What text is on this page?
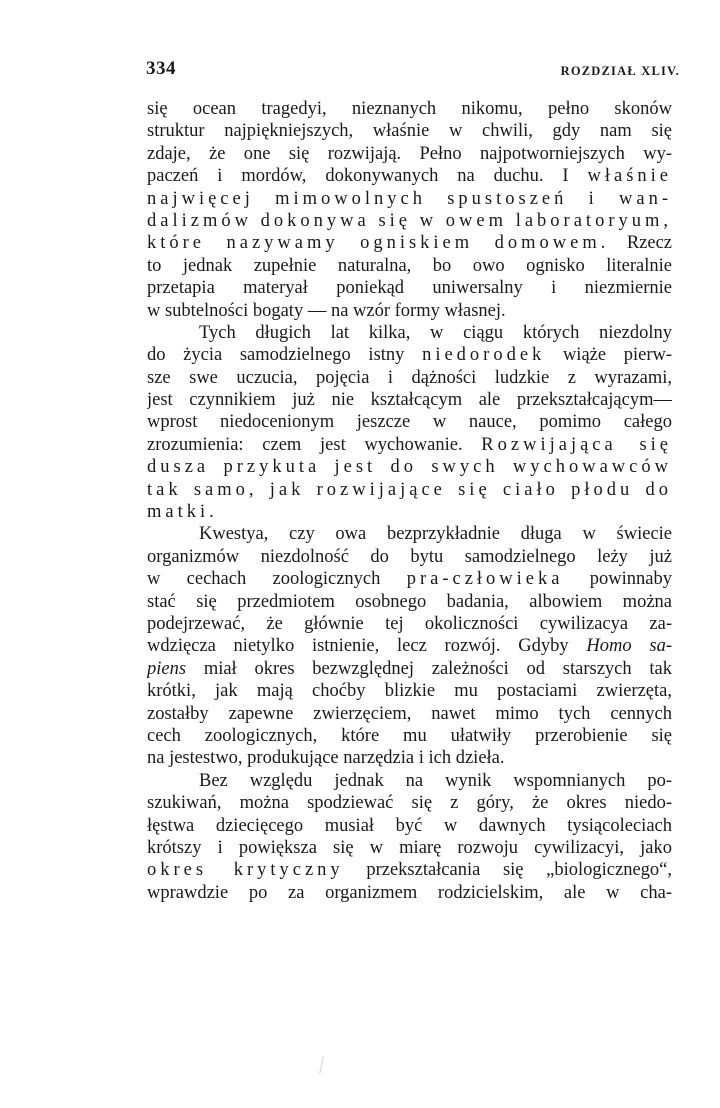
334	ROZDZIAŁ XLIV.
się ocean tragedyi, nieznanych nikomu, pełno skonów
struktur najpiękniejszych, właśnie w chwili, gdy nam się
zdaje, że one się rozwijają. Pełno najpotworniejszych wy‑
paczeń i mordów, dokonywanych na duchu. I właśnie
najwięcej mimowolnych spustoszeń i wan‑
dalizmów dokonywa się w owem laboratoryum,
które nazywamy ogniskiem domowem. Rzecz
to jednak zupełnie naturalna, bo owo ognisko literalnie
przetapia materyał poniekąd uniwersalny i niezmiernie
w subtelności bogaty — na wzór formy własnej.
Tych długich lat kilka, w ciągu których niezdolny
do życia samodzielnego istny niedorodek wiąże pierw‑
sze swe uczucia, pojęcia i dążności ludzkie z wyrazami,
jest czynnikiem już nie kształcącym ale przekształcającym—
wprost niedocenionym jeszcze w nauce, pomimo całego
zrozumienia: czem jest wychowanie. Rozwijająca się
dusza przykuta jest do swych wychowawców
tak samo, jak rozwijające się ciało płodu do
matki.
Kwestya, czy owa bezprzykładnie długa w świecie
organizmów niezdolność do bytu samodzielnego leży już
w cechach zoologicznych pra‑człowieka powinnaby
stać się przedmiotem osobnego badania, albowiem można
podejrzewać, że głównie tej okoliczności cywilizacya za‑
wdzięcza nietylko istnienie, lecz rozwój. Gdyby Homo sa‑
piens miał okres bezwzględnej zależności od starszych tak
krótki, jak mają choćby blizkie mu postaciami zwierzęta,
zostałby zapewne zwierzęciem, nawet mimo tych cennych
cech zoologicznych, które mu ułatwiły przerobienie się
na jestestwo, produkujące narzędzia i ich dzieła.
Bez względu jednak na wynik wspomnianych po‑
szukiwań, można spodziewać się z góry, że okres niedo‑
łęstwa dziecięcego musiał być w dawnych tysiącoleciach
krótszy i powiększa się w miarę rozwoju cywilizacyi, jako
okres krytyczny przekształcania się „biologicznego“,
wprawdzie po za organizmem rodzicielskim, ale w cha‑
